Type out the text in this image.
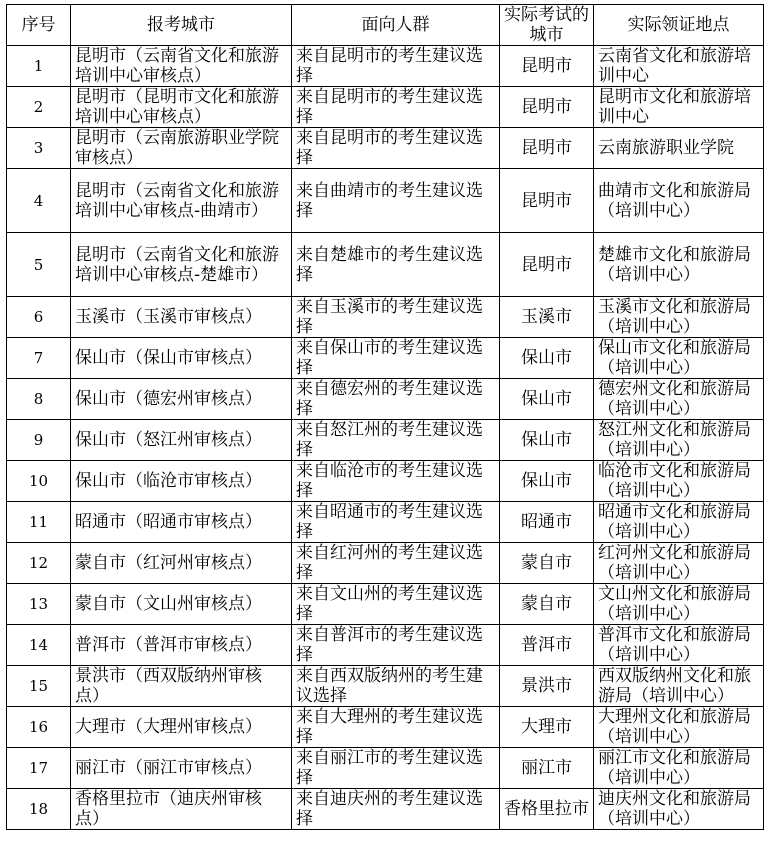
序号	报考城市	面向人群	实际考试的城市	实际领证地点
1	昆明市（云南省文化和旅游培训中心审核点）	来自昆明市的考生建议选择	昆明市	云南省文化和旅游培训中心
2	昆明市（昆明市文化和旅游培训中心审核点）	来自昆明市的考生建议选择	昆明市	昆明市文化和旅游培训中心
3	昆明市（云南旅游职业学院审核点）	来自昆明市的考生建议选择	昆明市	云南旅游职业学院
4	昆明市（云南省文化和旅游培训中心审核点-曲靖市）	来自曲靖市的考生建议选择	昆明市	曲靖市文化和旅游局（培训中心）
5	昆明市（云南省文化和旅游培训中心审核点-楚雄市）	来自楚雄市的考生建议选择	昆明市	楚雄市文化和旅游局（培训中心）
6	玉溪市（玉溪市审核点）	来自玉溪市的考生建议选择	玉溪市	玉溪市文化和旅游局（培训中心）
7	保山市（保山市审核点）	来自保山市的考生建议选择	保山市	保山市文化和旅游局（培训中心）
8	保山市（德宏州审核点）	来自德宏州的考生建议选择	保山市	德宏州文化和旅游局（培训中心）
9	保山市（怒江州审核点）	来自怒江州的考生建议选择	保山市	怒江州文化和旅游局（培训中心）
10	保山市（临沧市审核点）	来自临沧市的考生建议选择	保山市	临沧市文化和旅游局（培训中心）
11	昭通市（昭通市审核点）	来自昭通市的考生建议选择	昭通市	昭通市文化和旅游局（培训中心）
12	蒙自市（红河州审核点）	来自红河州的考生建议选择	蒙自市	红河州文化和旅游局（培训中心）
13	蒙自市（文山州审核点）	来自文山州的考生建议选择	蒙自市	文山州文化和旅游局（培训中心）
14	普洱市（普洱市审核点）	来自普洱市的考生建议选择	普洱市	普洱市文化和旅游局（培训中心）
15	景洪市（西双版纳州审核点）	来自西双版纳州的考生建议选择	景洪市	西双版纳州文化和旅游局（培训中心）
16	大理市（大理州审核点）	来自大理州的考生建议选择	大理市	大理州文化和旅游局（培训中心）
17	丽江市（丽江市审核点）	来自丽江市的考生建议选择	丽江市	丽江市文化和旅游局（培训中心）
18	香格里拉市（迪庆州审核点）	来自迪庆州的考生建议选择	香格里拉市	迪庆州文化和旅游局（培训中心）
